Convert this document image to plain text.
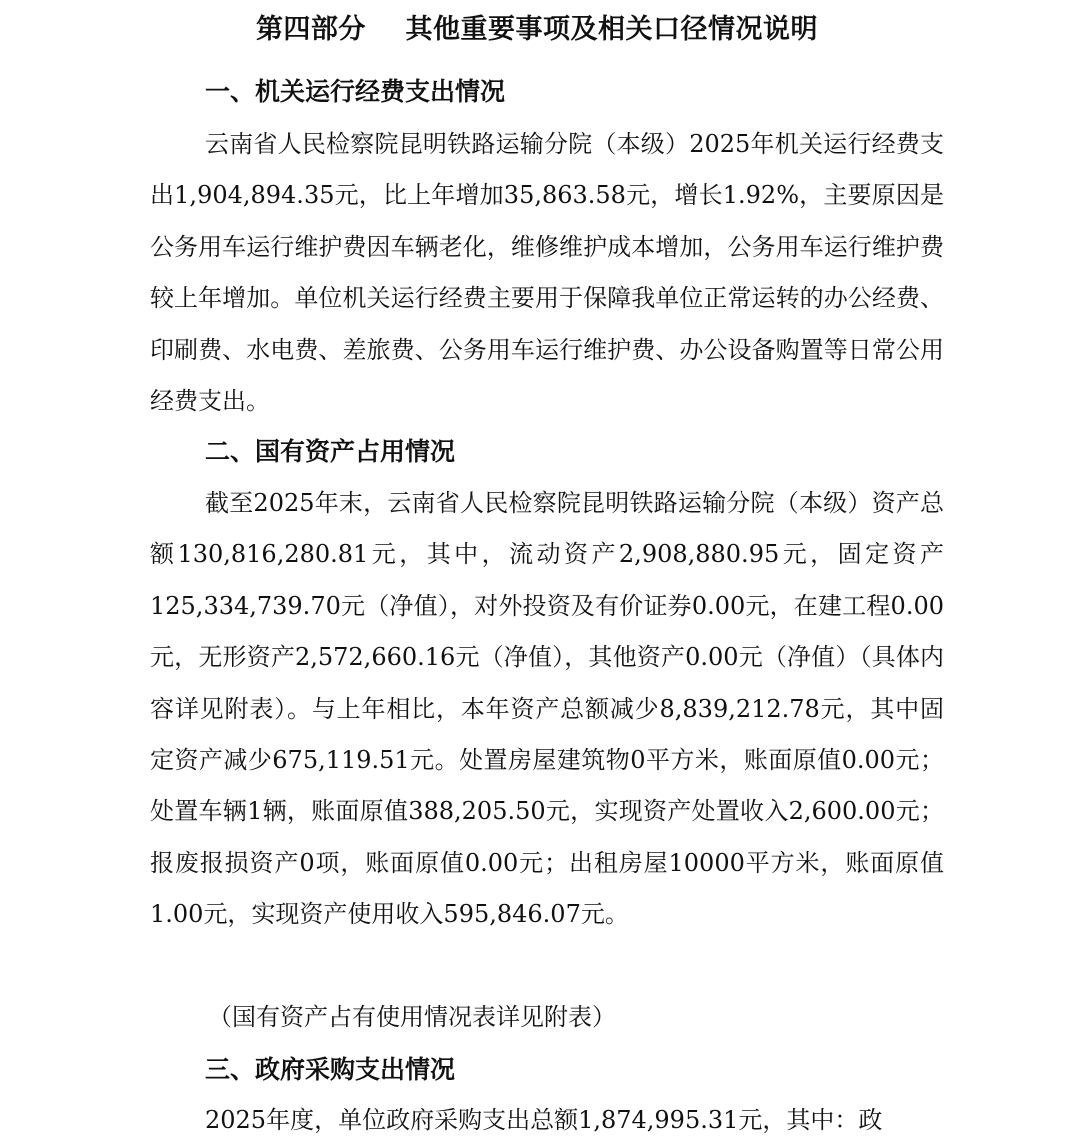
第四部分    其他重要事项及相关口径情况说明
一、机关运行经费支出情况

云南省人民检察院昆明铁路运输分院（本级）2025年机关运行经费支出1,904,894.35元，比上年增加35,863.58元，增长1.92%，主要原因是公务用车运行维护费因车辆老化，维修维护成本增加，公务用车运行维护费较上年增加。单位机关运行经费主要用于保障我单位正常运转的办公经费、印刷费、水电费、差旅费、公务用车运行维护费、办公设备购置等日常公用经费支出。

二、国有资产占用情况

截至2025年末，云南省人民检察院昆明铁路运输分院（本级）资产总额130,816,280.81元，其中，流动资产2,908,880.95元，固定资产125,334,739.70元（净值），对外投资及有价证券0.00元，在建工程0.00元，无形资产2,572,660.16元（净值），其他资产0.00元（净值）（具体内容详见附表）。与上年相比，本年资产总额减少8,839,212.78元，其中固定资产减少675,119.51元。处置房屋建筑物0平方米，账面原值0.00元；处置车辆1辆，账面原值388,205.50元，实现资产处置收入2,600.00元；报废报损资产0项，账面原值0.00元；出租房屋10000平方米，账面原值1.00元，实现资产使用收入595,846.07元。

（国有资产占有使用情况表详见附表）
三、政府采购支出情况

2025年度，单位政府采购支出总额1,874,995.31元，其中：政
